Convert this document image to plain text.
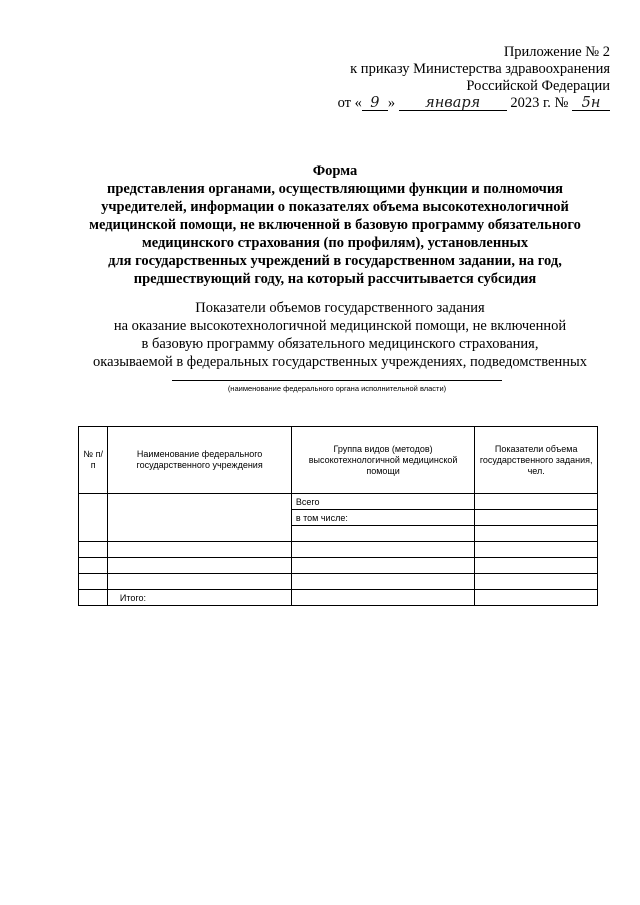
Приложение № 2
к приказу Министерства здравоохранения
Российской Федерации
от « 9 » января 2023 г. № 5н
Форма
представления органами, осуществляющими функции и полномочия
учредителей, информации о показателях объема высокотехнологичной
медицинской помощи, не включенной в базовую программу обязательного
медицинского страхования (по профилям), установленных
для государственных учреждений в государственном задании, на год,
предшествующий году, на который рассчитывается субсидия
Показатели объемов государственного задания
на оказание высокотехнологичной медицинской помощи, не включенной
в базовую программу обязательного медицинского страхования,
оказываемой в федеральных государственных учреждениях, подведомственных
(наименование федерального органа исполнительной власти)
№ п/п	Наименование федерального государственного учреждения	Группа видов (методов) высокотехнологичной медицинской помощи	Показатели объема государственного задания, чел.
		Всего	
		в том числе:	

	Итого:		
